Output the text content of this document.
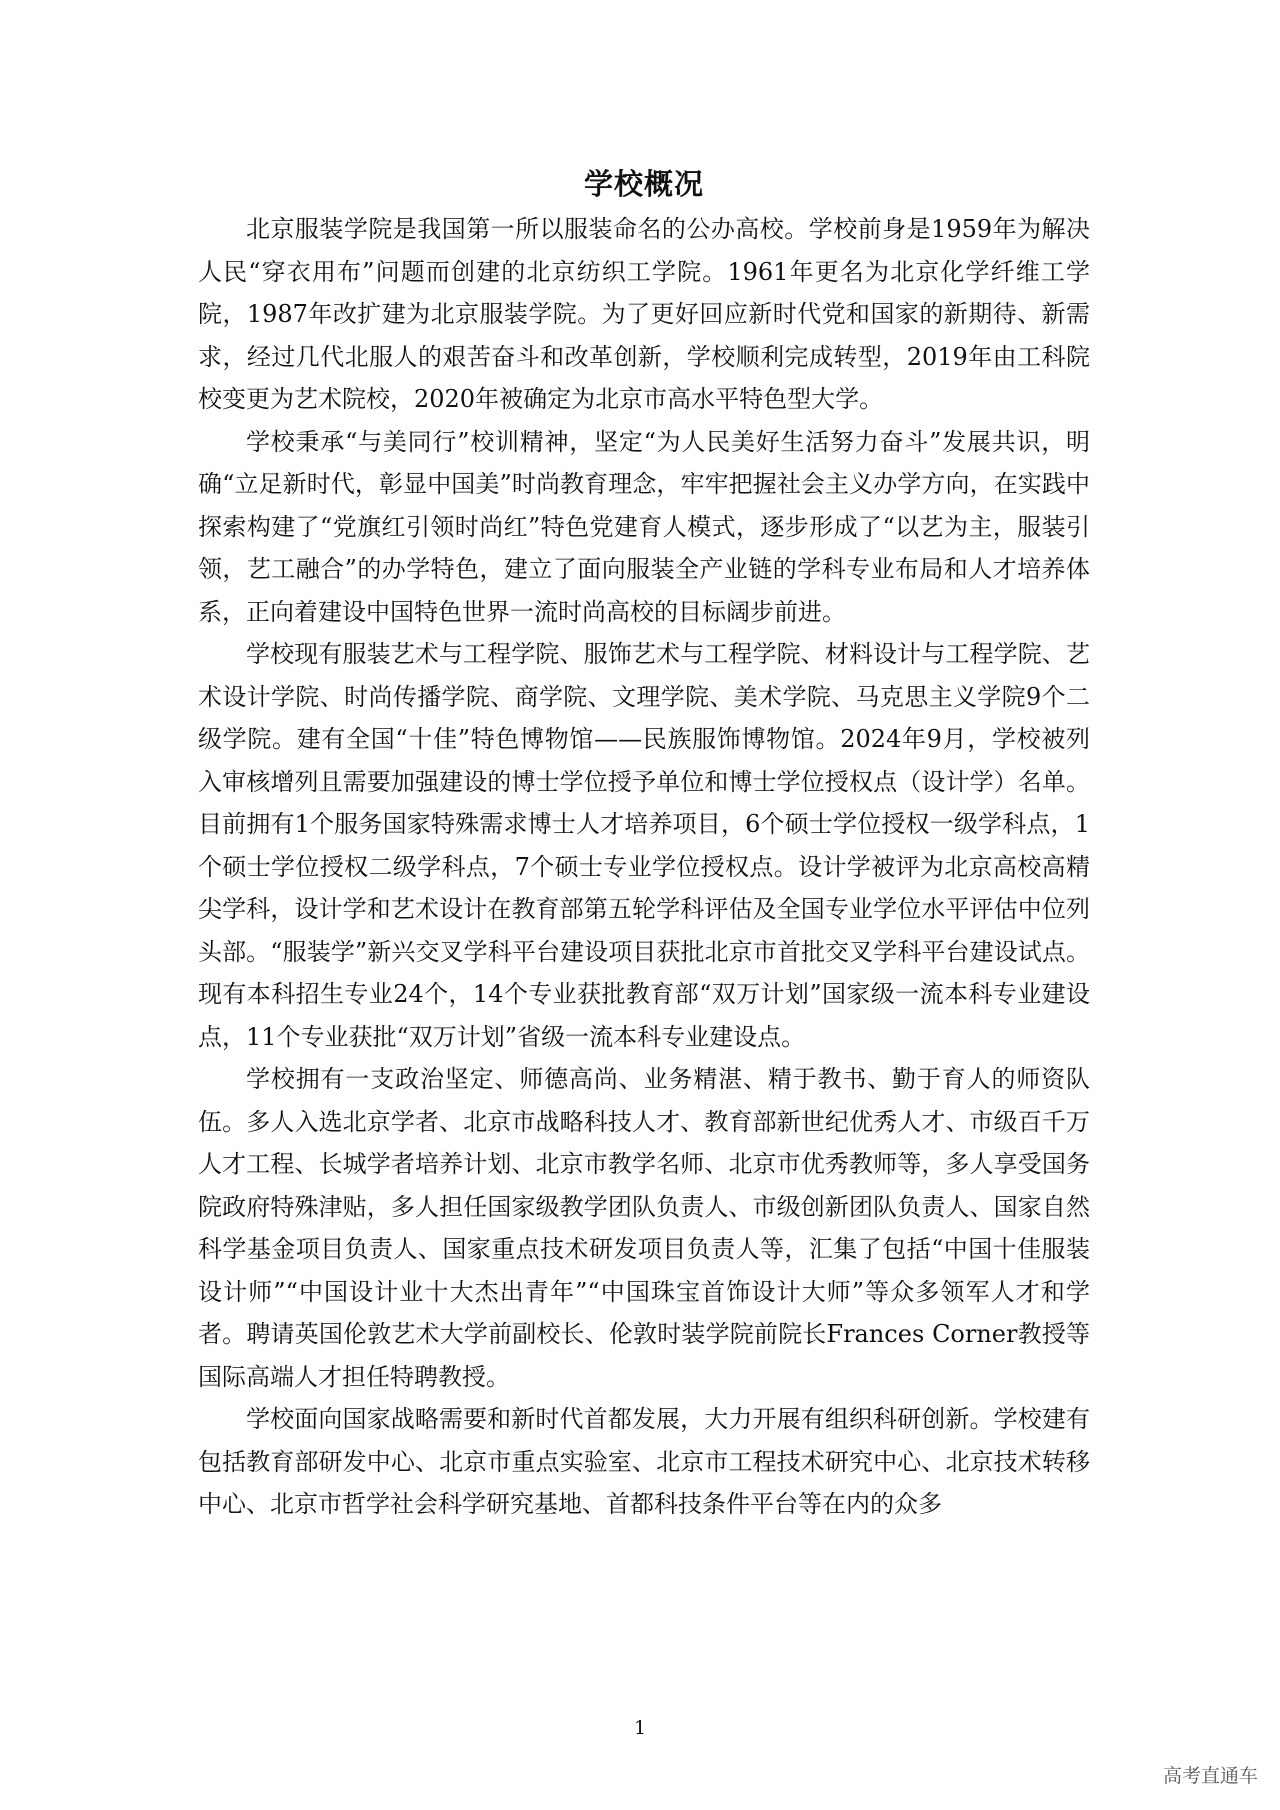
学校概况

北京服装学院是我国第一所以服装命名的公办高校。学校前身是1959年为解决人民“穿衣用布”问题而创建的北京纺织工学院。1961年更名为北京化学纤维工学院，1987年改扩建为北京服装学院。为了更好回应新时代党和国家的新期待、新需求，经过几代北服人的艰苦奋斗和改革创新，学校顺利完成转型，2019年由工科院校变更为艺术院校，2020年被确定为北京市高水平特色型大学。

学校秉承“与美同行”校训精神，坚定“为人民美好生活努力奋斗”发展共识，明确“立足新时代，彰显中国美”时尚教育理念，牢牢把握社会主义办学方向，在实践中探索构建了“党旗红引领时尚红”特色党建育人模式，逐步形成了“以艺为主，服装引领，艺工融合”的办学特色，建立了面向服装全产业链的学科专业布局和人才培养体系，正向着建设中国特色世界一流时尚高校的目标阔步前进。

学校现有服装艺术与工程学院、服饰艺术与工程学院、材料设计与工程学院、艺术设计学院、时尚传播学院、商学院、文理学院、美术学院、马克思主义学院9个二级学院。建有全国“十佳”特色博物馆——民族服饰博物馆。2024年9月，学校被列入审核增列且需要加强建设的博士学位授予单位和博士学位授权点（设计学）名单。目前拥有1个服务国家特殊需求博士人才培养项目，6个硕士学位授权一级学科点，1个硕士学位授权二级学科点，7个硕士专业学位授权点。设计学被评为北京高校高精尖学科，设计学和艺术设计在教育部第五轮学科评估及全国专业学位水平评估中位列头部。“服装学”新兴交叉学科平台建设项目获批北京市首批交叉学科平台建设试点。现有本科招生专业24个，14个专业获批教育部“双万计划”国家级一流本科专业建设点，11个专业获批“双万计划”省级一流本科专业建设点。

学校拥有一支政治坚定、师德高尚、业务精湛、精于教书、勤于育人的师资队伍。多人入选北京学者、北京市战略科技人才、教育部新世纪优秀人才、市级百千万人才工程、长城学者培养计划、北京市教学名师、北京市优秀教师等，多人享受国务院政府特殊津贴，多人担任国家级教学团队负责人、市级创新团队负责人、国家自然科学基金项目负责人、国家重点技术研发项目负责人等，汇集了包括“中国十佳服装设计师”“中国设计业十大杰出青年”“中国珠宝首饰设计大师”等众多领军人才和学者。聘请英国伦敦艺术大学前副校长、伦敦时装学院前院长Frances Corner教授等国际高端人才担任特聘教授。

学校面向国家战略需要和新时代首都发展，大力开展有组织科研创新。学校建有包括教育部研发中心、北京市重点实验室、北京市工程技术研究中心、北京技术转移中心、北京市哲学社会科学研究基地、首都科技条件平台等在内的众多

1
高考直通车
